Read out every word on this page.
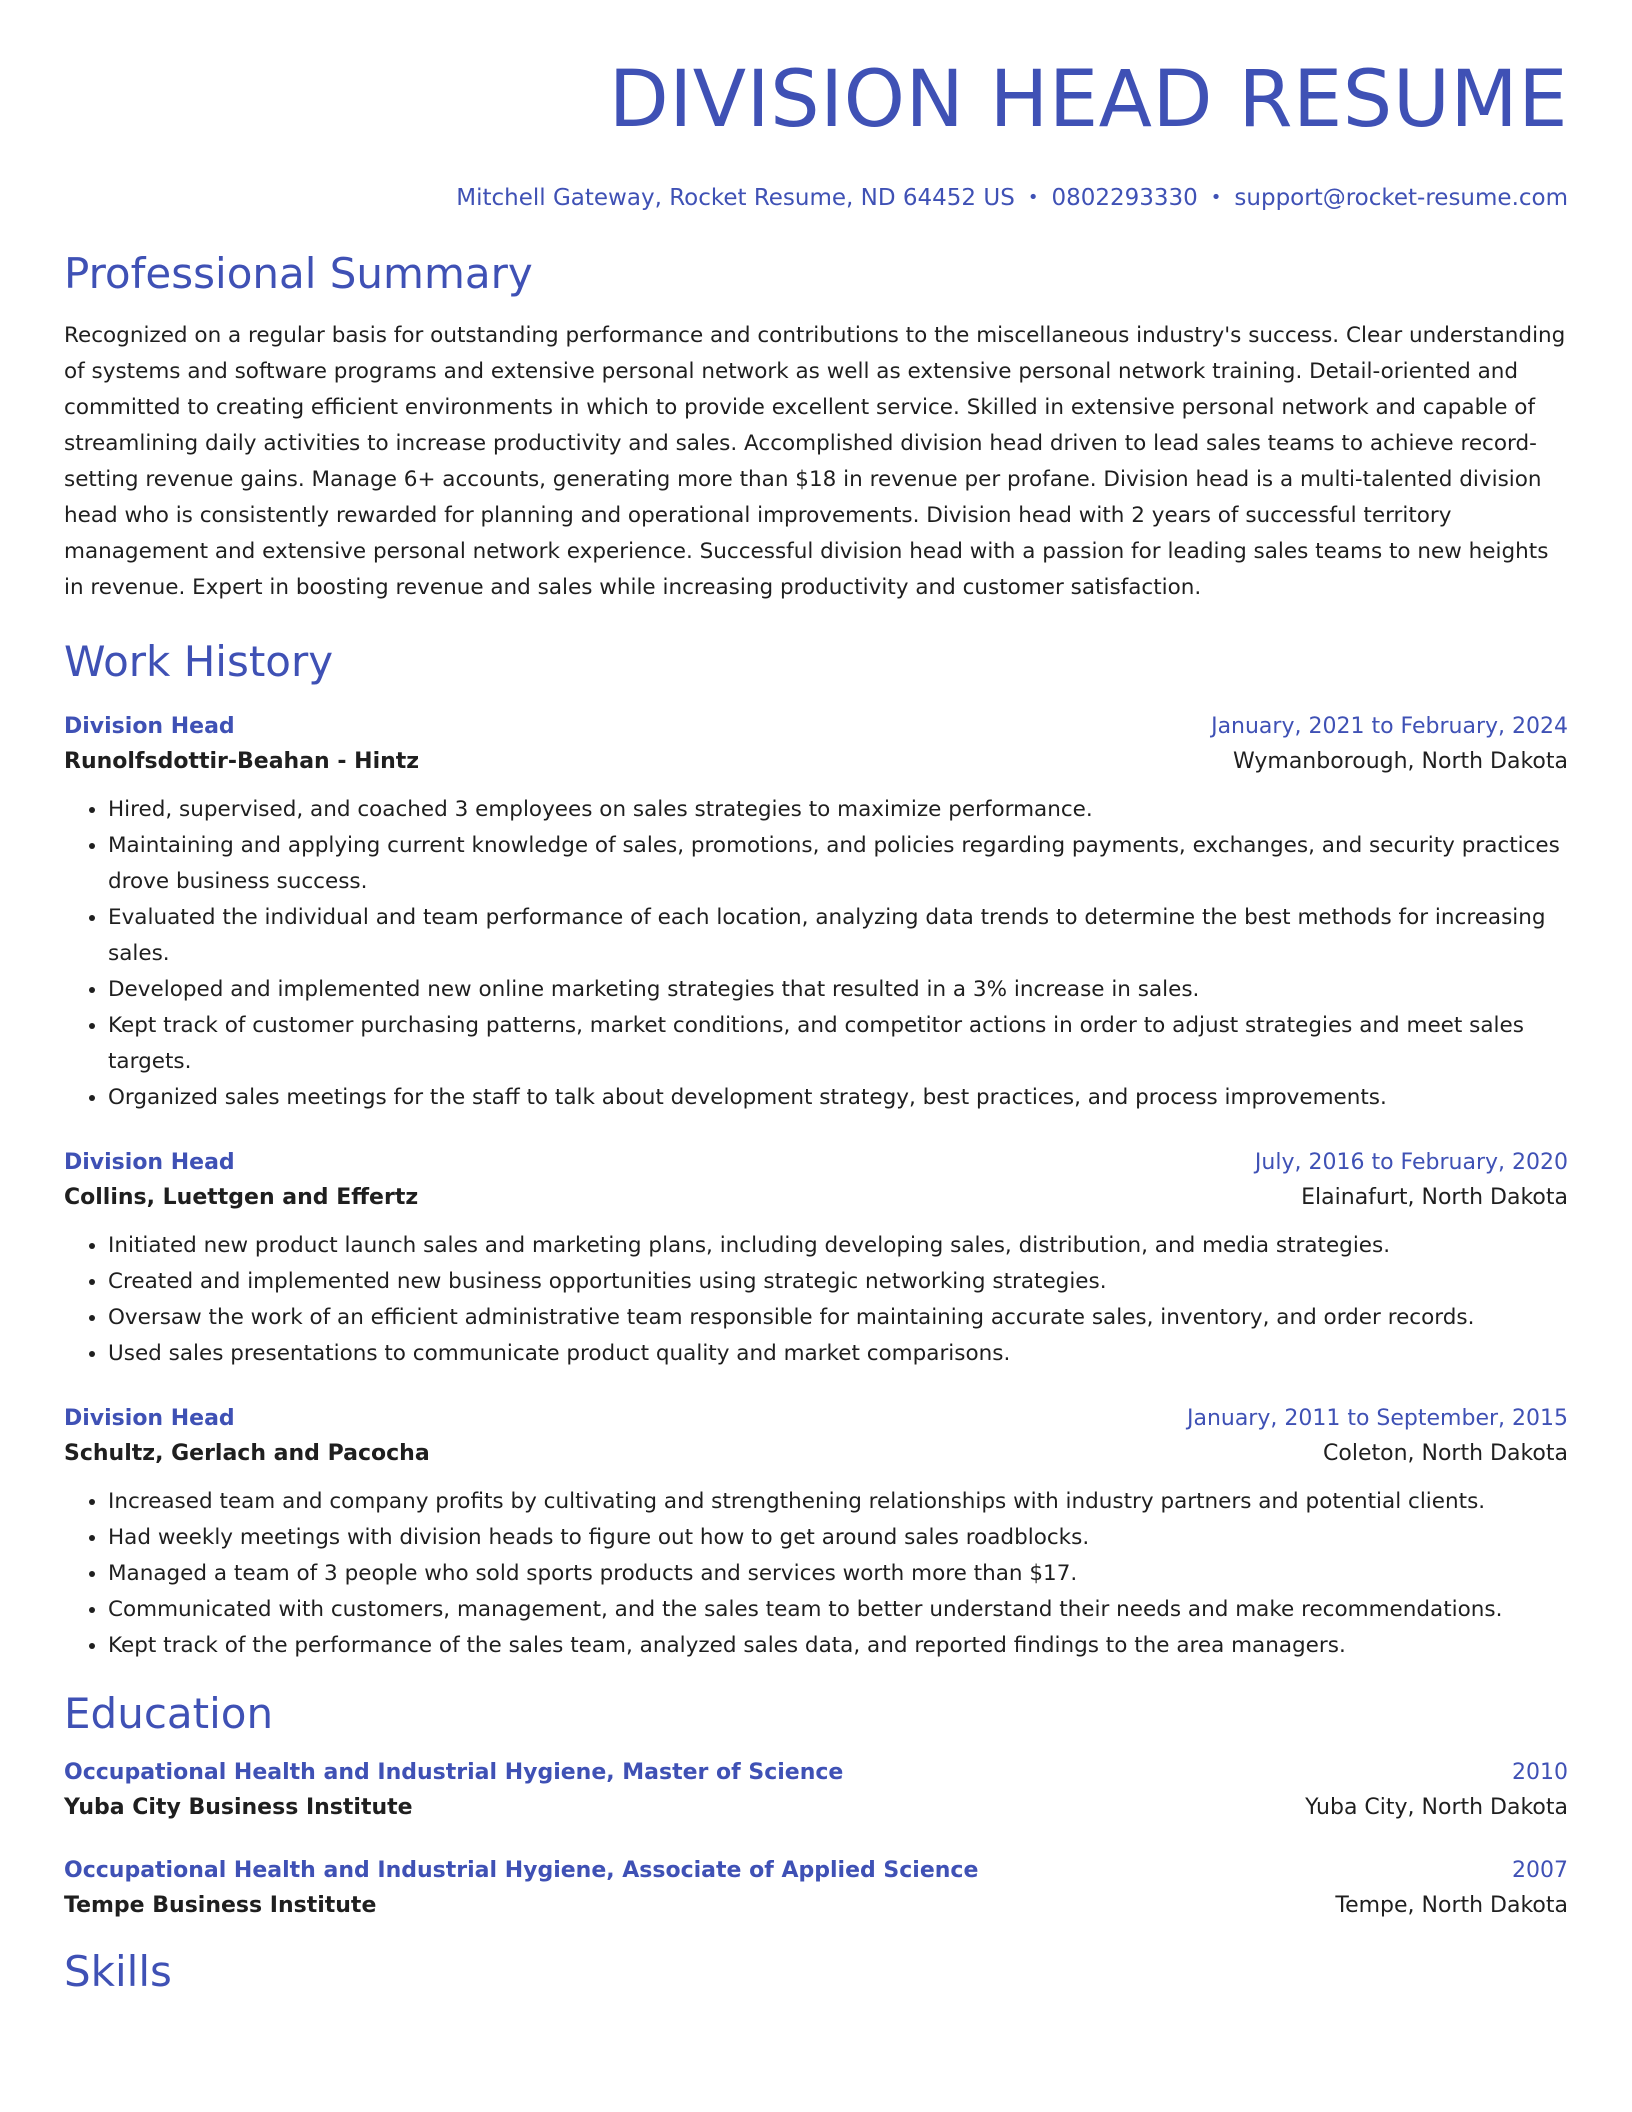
DIVISION HEAD RESUME
Mitchell Gateway, Rocket Resume, ND 64452 US • 0802293330 • support@rocket-resume.com
Professional Summary
Recognized on a regular basis for outstanding performance and contributions to the miscellaneous industry's success. Clear understanding of systems and software programs and extensive personal network as well as extensive personal network training. Detail-oriented and committed to creating efficient environments in which to provide excellent service. Skilled in extensive personal network and capable of streamlining daily activities to increase productivity and sales. Accomplished division head driven to lead sales teams to achieve record-setting revenue gains. Manage 6+ accounts, generating more than $18 in revenue per profane. Division head is a multi-talented division head who is consistently rewarded for planning and operational improvements. Division head with 2 years of successful territory management and extensive personal network experience. Successful division head with a passion for leading sales teams to new heights in revenue. Expert in boosting revenue and sales while increasing productivity and customer satisfaction.
Work History
Division Head	January, 2021 to February, 2024
Runolfsdottir-Beahan - Hintz	Wymanborough, North Dakota
• Hired, supervised, and coached 3 employees on sales strategies to maximize performance.
• Maintaining and applying current knowledge of sales, promotions, and policies regarding payments, exchanges, and security practices drove business success.
• Evaluated the individual and team performance of each location, analyzing data trends to determine the best methods for increasing sales.
• Developed and implemented new online marketing strategies that resulted in a 3% increase in sales.
• Kept track of customer purchasing patterns, market conditions, and competitor actions in order to adjust strategies and meet sales targets.
• Organized sales meetings for the staff to talk about development strategy, best practices, and process improvements.
Division Head	July, 2016 to February, 2020
Collins, Luettgen and Effertz	Elainafurt, North Dakota
• Initiated new product launch sales and marketing plans, including developing sales, distribution, and media strategies.
• Created and implemented new business opportunities using strategic networking strategies.
• Oversaw the work of an efficient administrative team responsible for maintaining accurate sales, inventory, and order records.
• Used sales presentations to communicate product quality and market comparisons.
Division Head	January, 2011 to September, 2015
Schultz, Gerlach and Pacocha	Coleton, North Dakota
• Increased team and company profits by cultivating and strengthening relationships with industry partners and potential clients.
• Had weekly meetings with division heads to figure out how to get around sales roadblocks.
• Managed a team of 3 people who sold sports products and services worth more than $17.
• Communicated with customers, management, and the sales team to better understand their needs and make recommendations.
• Kept track of the performance of the sales team, analyzed sales data, and reported findings to the area managers.
Education
Occupational Health and Industrial Hygiene, Master of Science	2010
Yuba City Business Institute	Yuba City, North Dakota
Occupational Health and Industrial Hygiene, Associate of Applied Science	2007
Tempe Business Institute	Tempe, North Dakota
Skills
